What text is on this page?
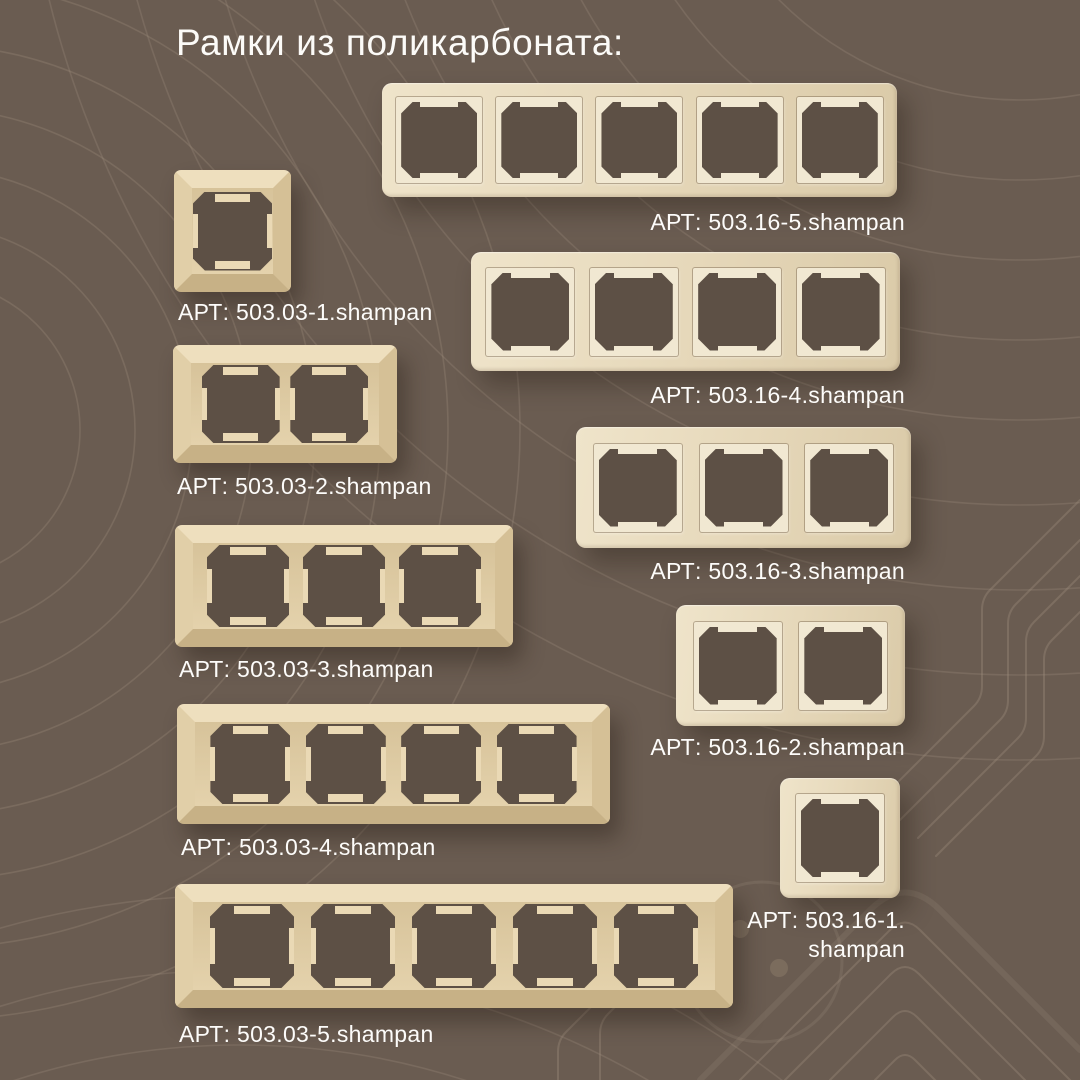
Рамки из поликарбоната:
АРТ: 503.03-1.shampan
АРТ: 503.03-2.shampan
АРТ: 503.03-3.shampan
АРТ: 503.03-4.shampan
АРТ: 503.03-5.shampan
АРТ: 503.16-5.shampan
АРТ: 503.16-4.shampan
АРТ: 503.16-3.shampan
АРТ: 503.16-2.shampan
АРТ: 503.16-1.
shampan
